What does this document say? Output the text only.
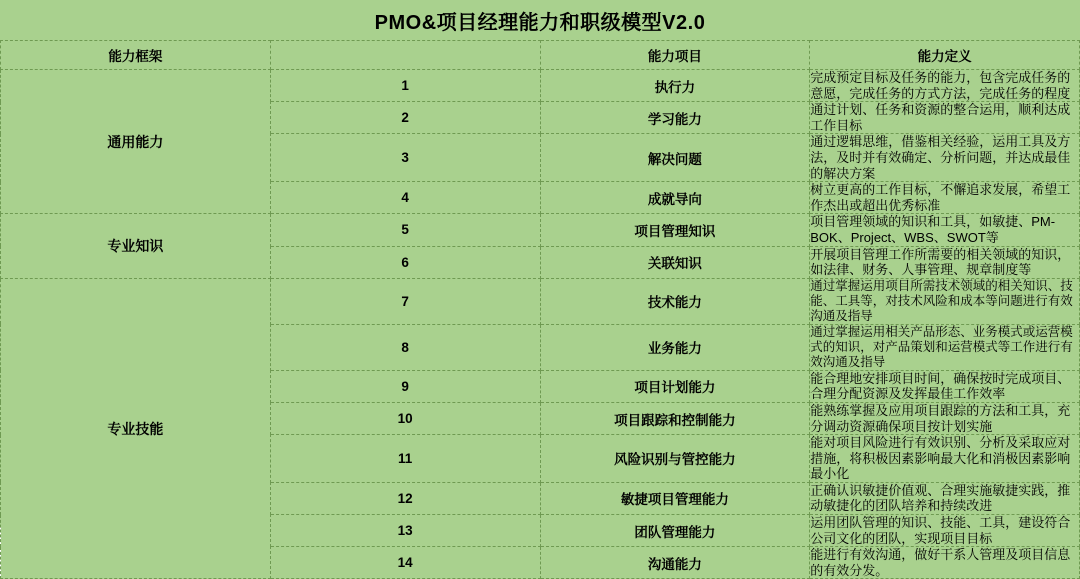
PMO&项目经理能力和职级模型V2.0			
能力框架		能力项目	能力定义
通用能力	1	执行力	完成预定目标及任务的能力，包含完成任务的意愿，完成任务的方式方法，完成任务的程度
	2	学习能力	通过计划、任务和资源的整合运用，顺利达成工作目标
	3	解决问题	通过逻辑思维，借鉴相关经验，运用工具及方法，及时并有效确定、分析问题，并达成最佳的解决方案
	4	成就导向	树立更高的工作目标，不懈追求发展，希望工作杰出或超出优秀标准
专业知识	5	项目管理知识	项目管理领域的知识和工具，如敏捷、PM-BOK、Project、WBS、SWOT等
	6	关联知识	开展项目管理工作所需要的相关领域的知识，如法律、财务、人事管理、规章制度等
专业技能	7	技术能力	通过掌握运用项目所需技术领域的相关知识、技能、工具等，对技术风险和成本等问题进行有效沟通及指导
	8	业务能力	通过掌握运用相关产品形态、业务模式或运营模式的知识，对产品策划和运营模式等工作进行有效沟通及指导
	9	项目计划能力	能合理地安排项目时间，确保按时完成项目、合理分配资源及发挥最佳工作效率
	10	项目跟踪和控制能力	能熟练掌握及应用项目跟踪的方法和工具，充分调动资源确保项目按计划实施
	11	风险识别与管控能力	能对项目风险进行有效识别、分析及采取应对措施，将积极因素影响最大化和消极因素影响最小化
	12	敏捷项目管理能力	正确认识敏捷价值观、合理实施敏捷实践，推动敏捷化的团队培养和持续改进
	13	团队管理能力	运用团队管理的知识、技能、工具，建设符合公司文化的团队，实现项目目标
	14	沟通能力	能进行有效沟通，做好干系人管理及项目信息的有效分发。
